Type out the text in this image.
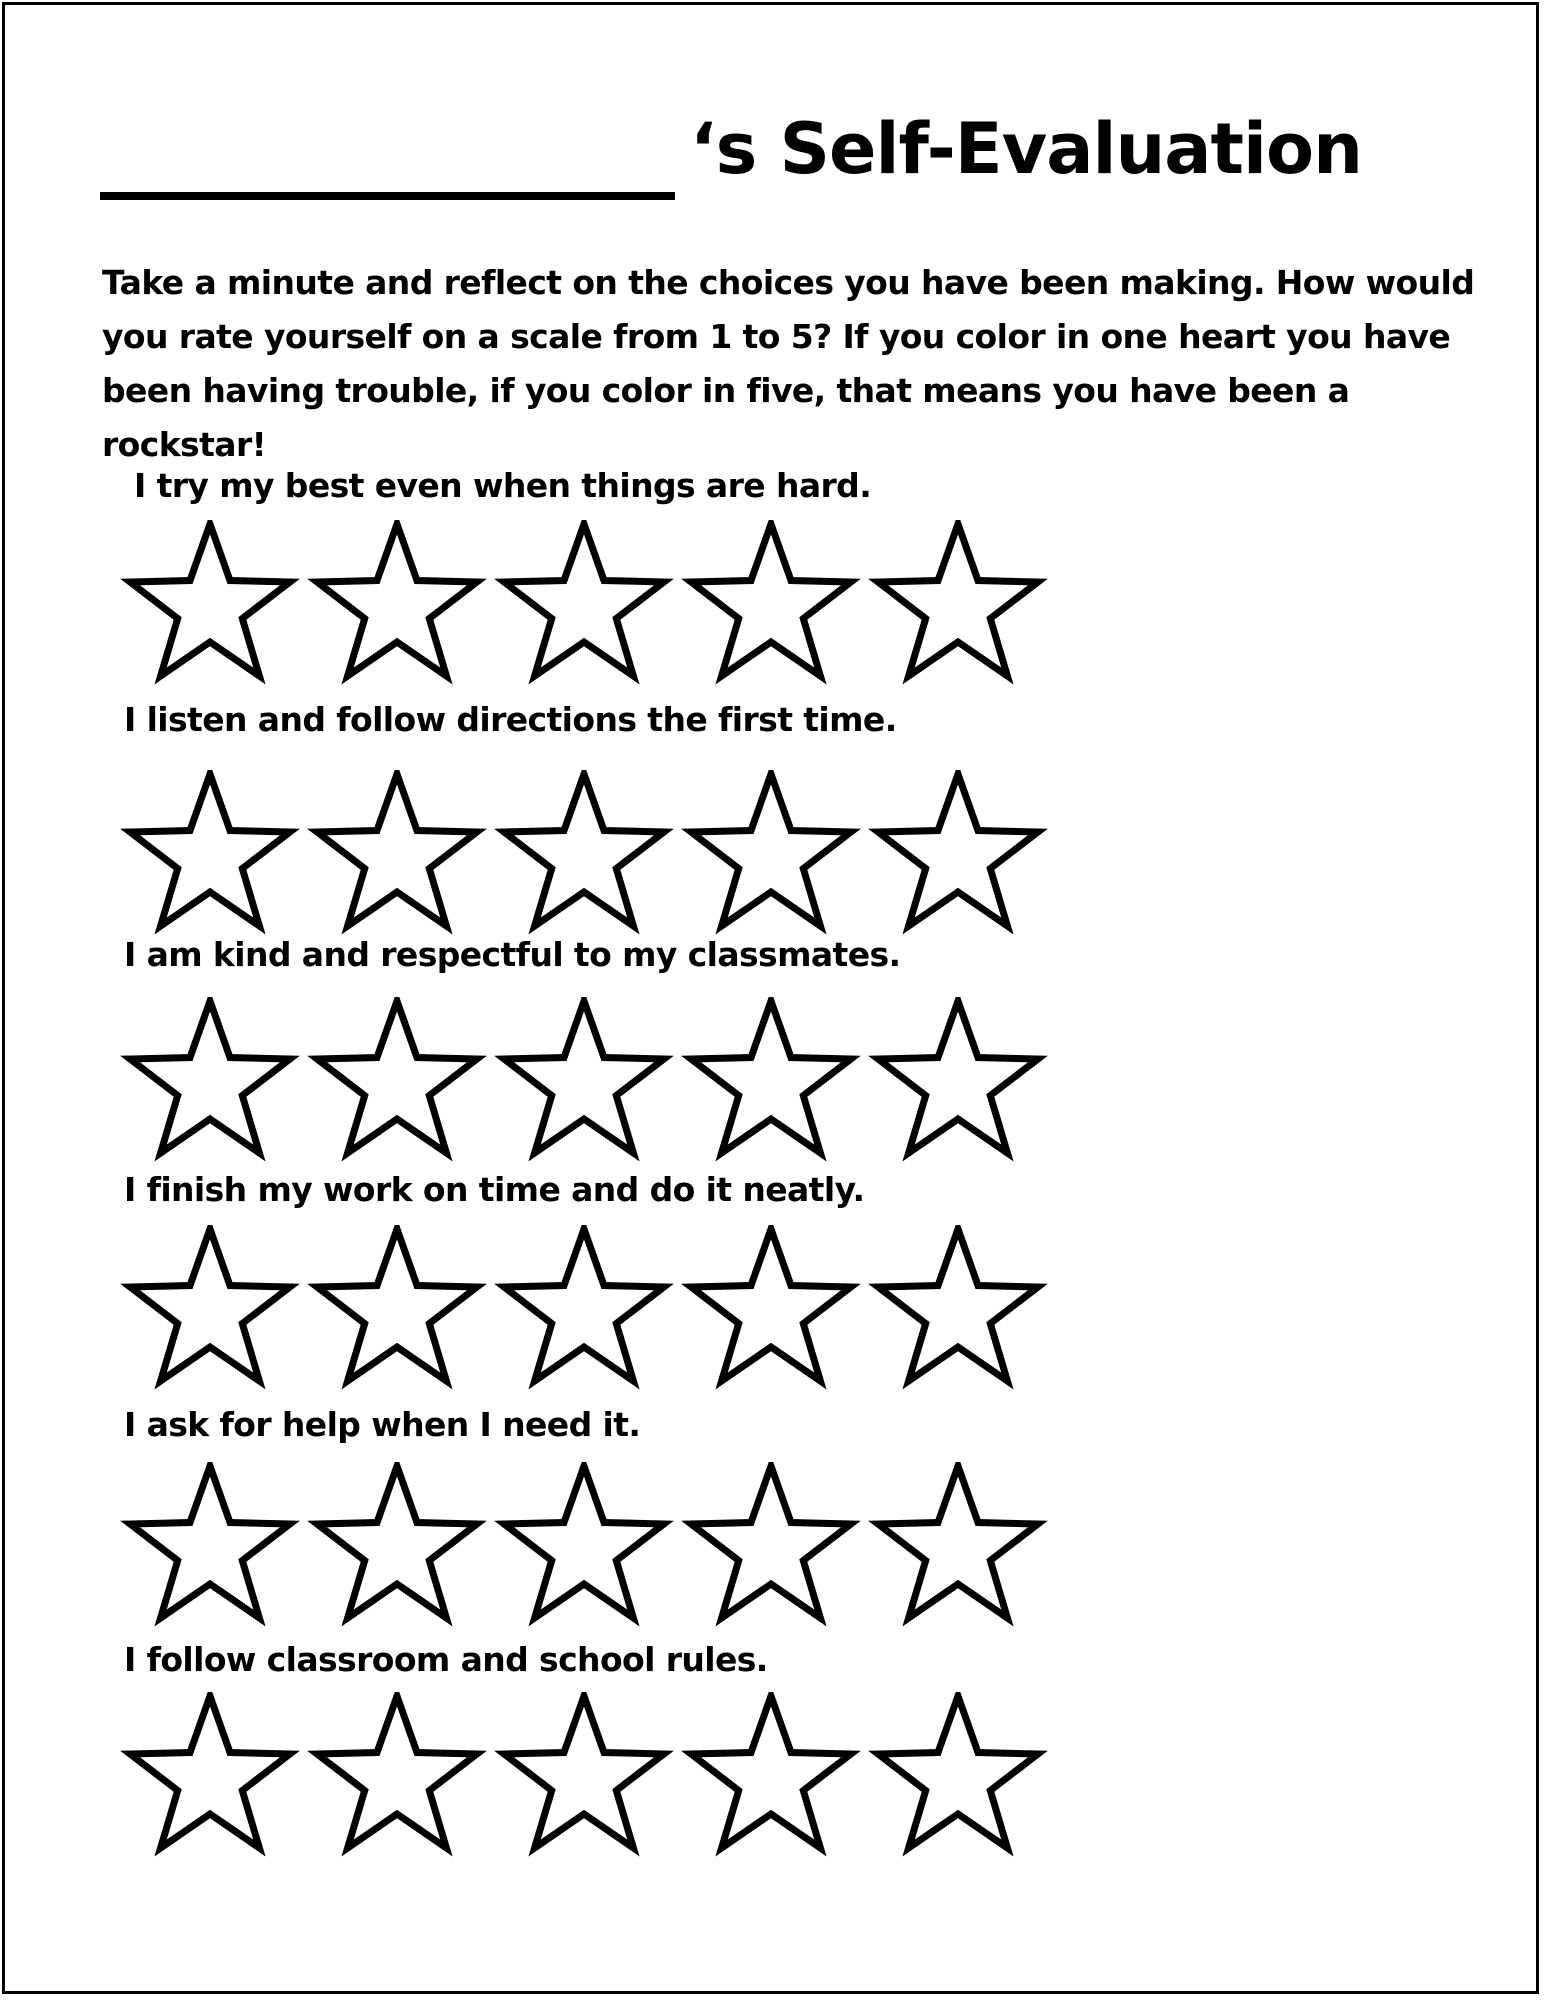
‘s Self-Evaluation
Take a minute and reflect on the choices you have been making. How would you rate yourself on a scale from 1 to 5? If you color in one heart you have been having trouble, if you color in five, that means you have been a rockstar!
I try my best even when things are hard.
I listen and follow directions the first time.
I am kind and respectful to my classmates.
I finish my work on time and do it neatly.
I ask for help when I need it.
I follow classroom and school rules.
